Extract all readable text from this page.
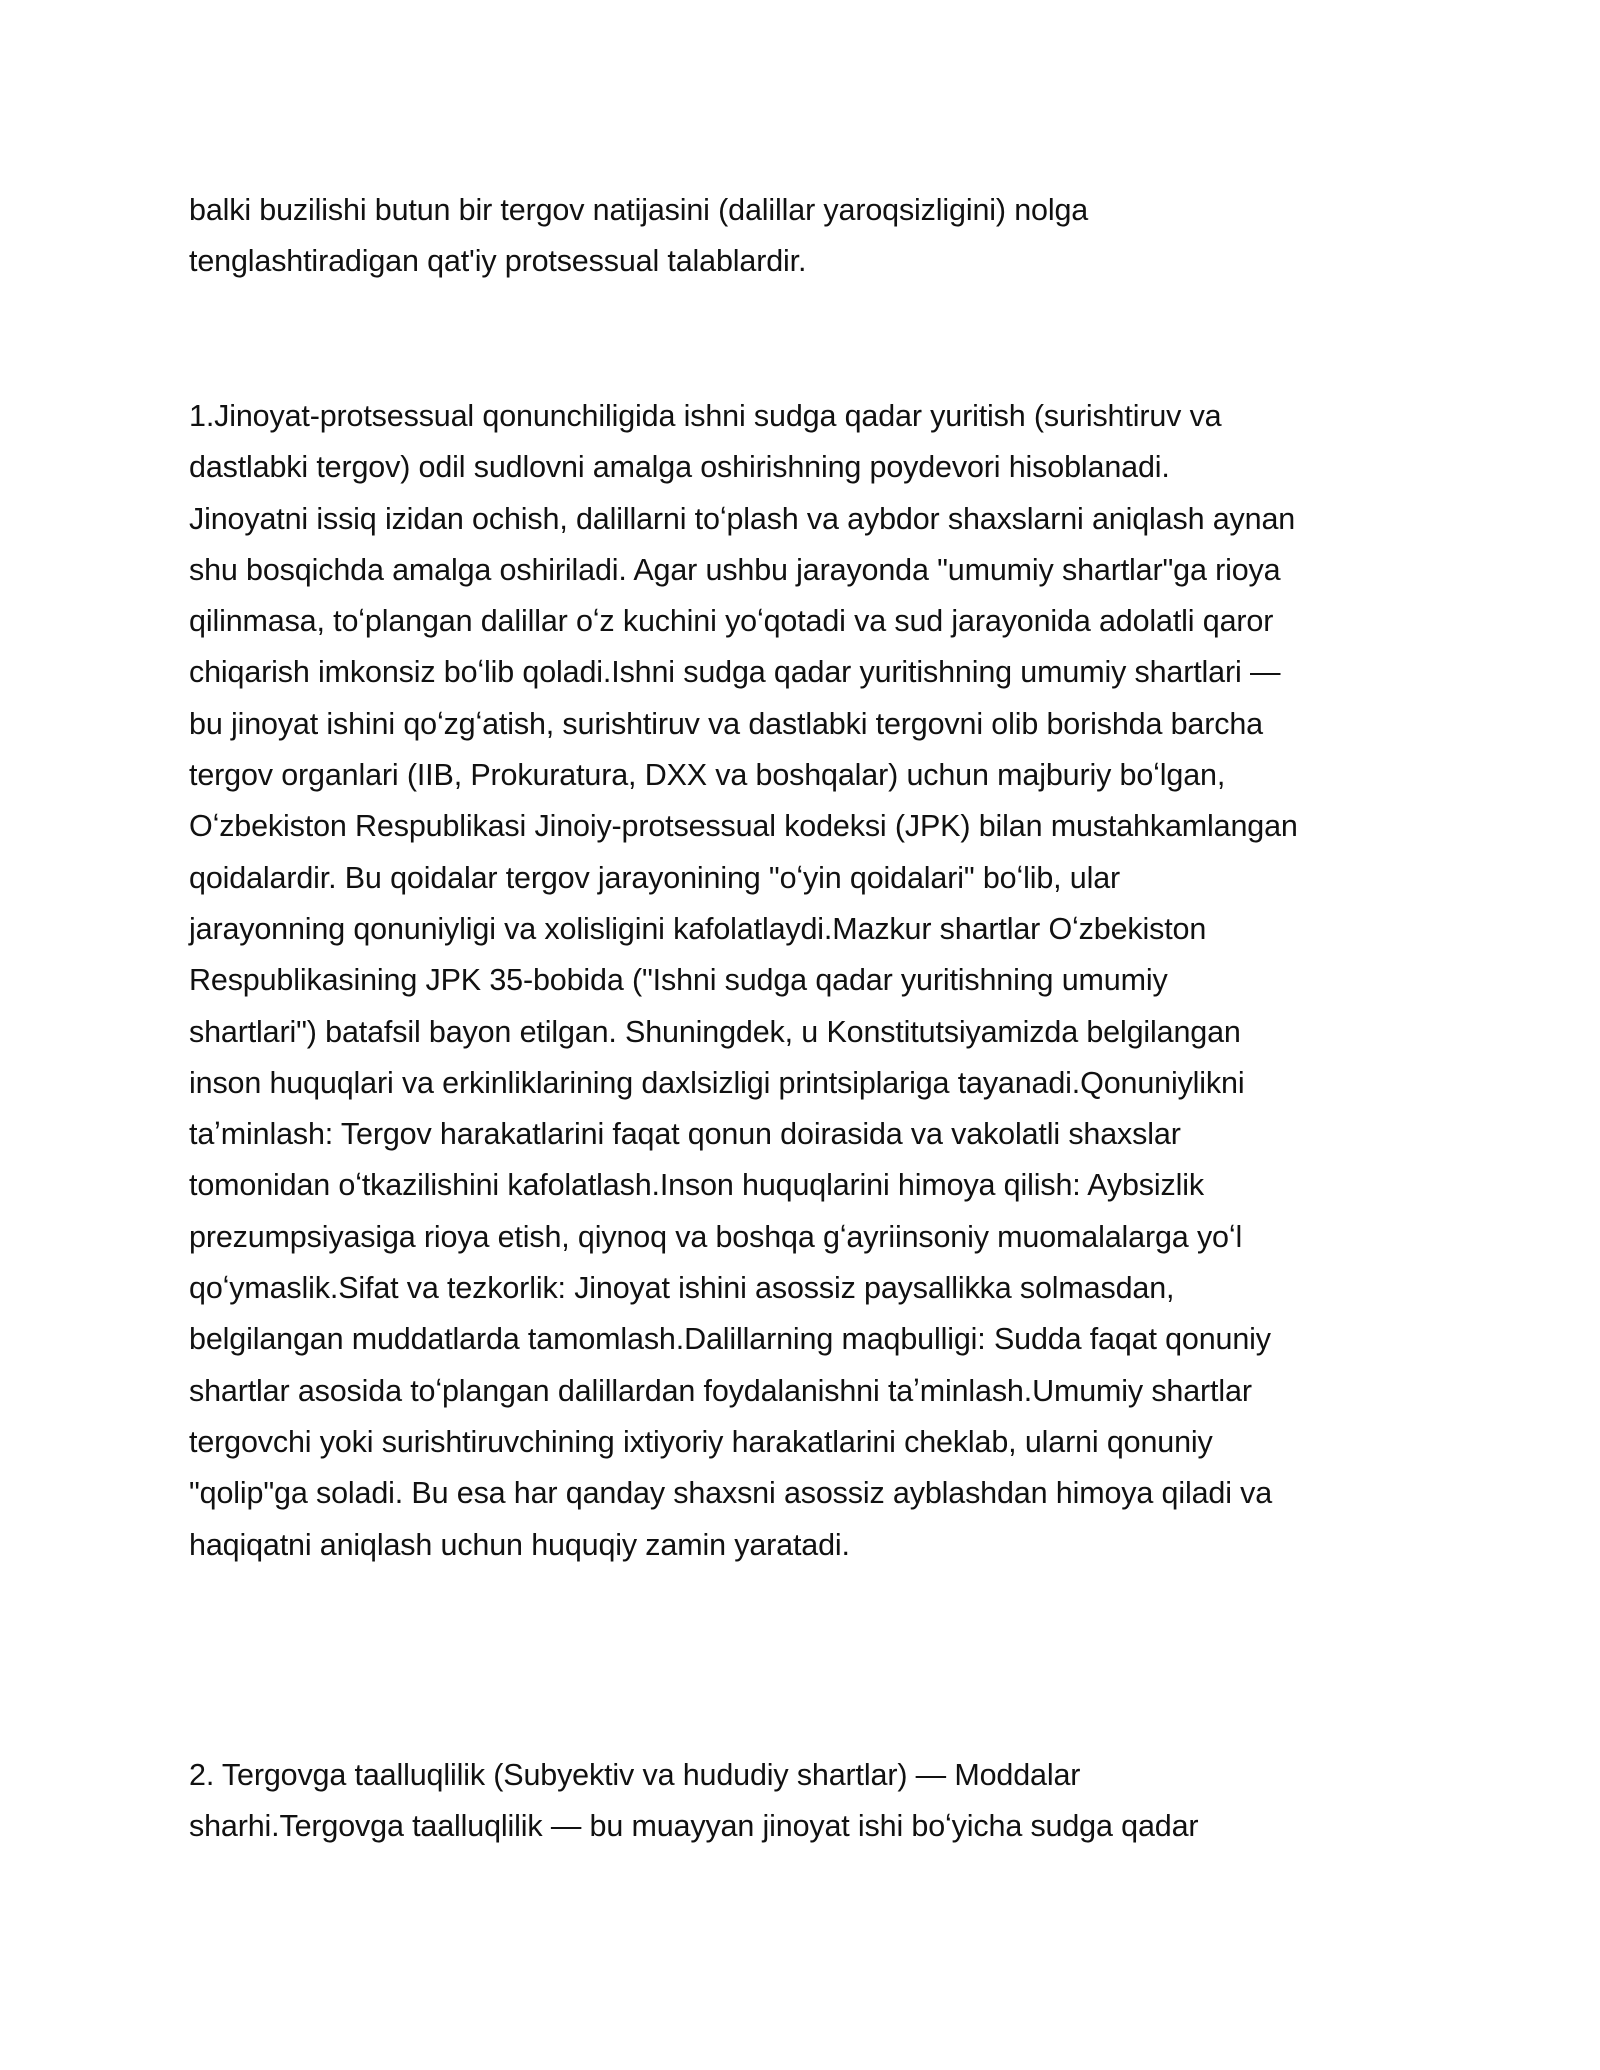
balki buzilishi butun bir tergov natijasini (dalillar yaroqsizligini) nolga
tenglashtiradigan qat'iy protsessual talablardir.

1.Jinoyat-protsessual qonunchiligida ishni sudga qadar yuritish (surishtiruv va
dastlabki tergov) odil sudlovni amalga oshirishning poydevori hisoblanadi.
Jinoyatni issiq izidan ochish, dalillarni toʻplash va aybdor shaxslarni aniqlash aynan
shu bosqichda amalga oshiriladi. Agar ushbu jarayonda "umumiy shartlar"ga rioya
qilinmasa, toʻplangan dalillar oʻz kuchini yoʻqotadi va sud jarayonida adolatli qaror
chiqarish imkonsiz boʻlib qoladi.Ishni sudga qadar yuritishning umumiy shartlari —
bu jinoyat ishini qoʻzgʻatish, surishtiruv va dastlabki tergovni olib borishda barcha
tergov organlari (IIB, Prokuratura, DXX va boshqalar) uchun majburiy boʻlgan,
Oʻzbekiston Respublikasi Jinoiy-protsessual kodeksi (JPK) bilan mustahkamlangan
qoidalardir. Bu qoidalar tergov jarayonining "oʻyin qoidalari" boʻlib, ular
jarayonning qonuniyligi va xolisligini kafolatlaydi.Mazkur shartlar Oʻzbekiston
Respublikasining JPK 35-bobida ("Ishni sudga qadar yuritishning umumiy
shartlari") batafsil bayon etilgan. Shuningdek, u Konstitutsiyamizda belgilangan
inson huquqlari va erkinliklarining daxlsizligi printsiplariga tayanadi.Qonuniylikni
taʼminlash: Tergov harakatlarini faqat qonun doirasida va vakolatli shaxslar
tomonidan oʻtkazilishini kafolatlash.Inson huquqlarini himoya qilish: Aybsizlik
prezumpsiyasiga rioya etish, qiynoq va boshqa gʻayriinsoniy muomalalarga yoʻl
qoʻymaslik.Sifat va tezkorlik: Jinoyat ishini asossiz paysallikka solmasdan,
belgilangan muddatlarda tamomlash.Dalillarning maqbulligi: Sudda faqat qonuniy
shartlar asosida toʻplangan dalillardan foydalanishni taʼminlash.Umumiy shartlar
tergovchi yoki surishtiruvchining ixtiyoriy harakatlarini cheklab, ularni qonuniy
"qolip"ga soladi. Bu esa har qanday shaxsni asossiz ayblashdan himoya qiladi va
haqiqatni aniqlash uchun huquqiy zamin yaratadi.

2. Tergovga taalluqlilik (Subyektiv va hududiy shartlar) — Moddalar
sharhi.Tergovga taalluqlilik — bu muayyan jinoyat ishi boʻyicha sudga qadar
